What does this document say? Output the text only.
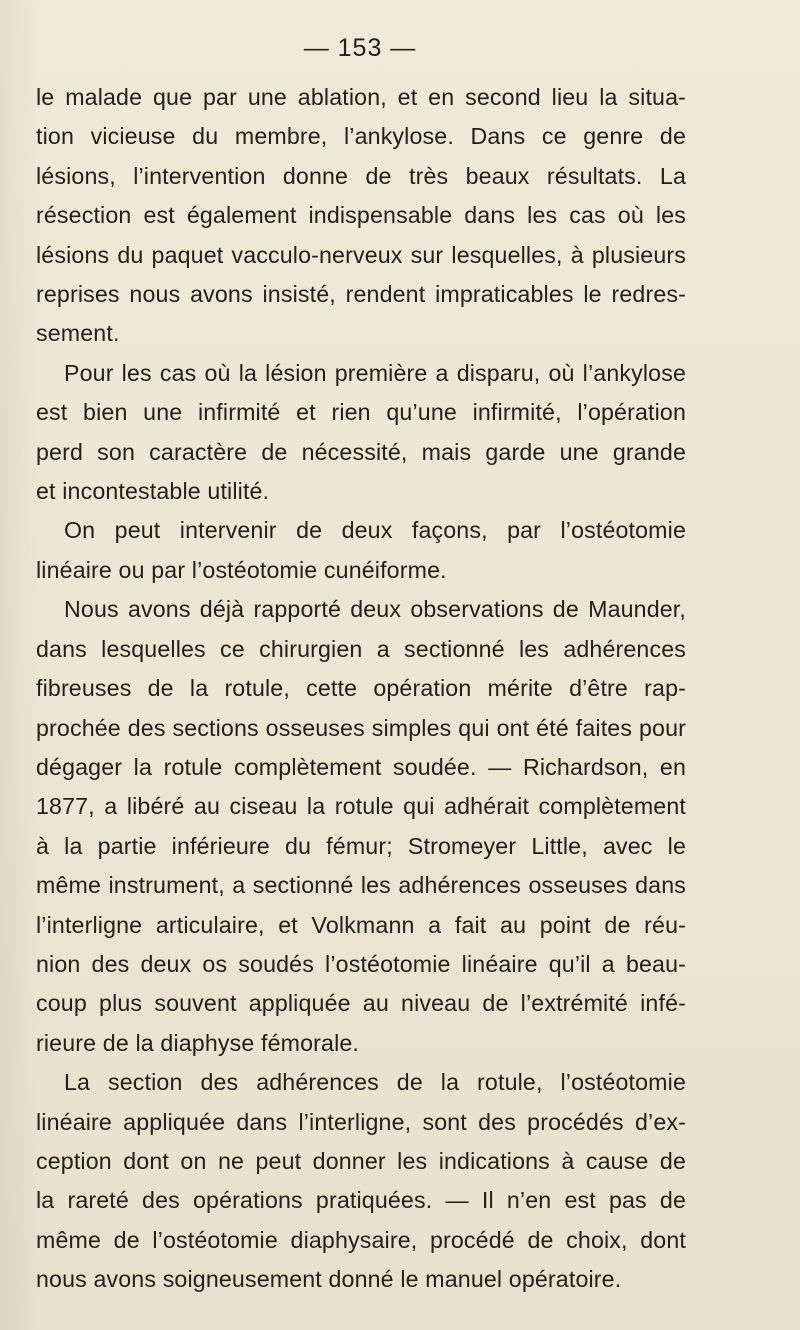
— 153 —
le malade que par une ablation, et en second lieu la situa-
tion vicieuse du membre, l’ankylose. Dans ce genre de
lésions, l’intervention donne de très beaux résultats. La
résection est également indispensable dans les cas où les
lésions du paquet vacculo-nerveux sur lesquelles, à plusieurs
reprises nous avons insisté, rendent impraticables le redres-
sement.
Pour les cas où la lésion première a disparu, où l’ankylose
est bien une infirmité et rien qu’une infirmité, l’opération
perd son caractère de nécessité, mais garde une grande
et incontestable utilité.
On peut intervenir de deux façons, par l’ostéotomie
linéaire ou par l’ostéotomie cunéiforme.
Nous avons déjà rapporté deux observations de Maunder,
dans lesquelles ce chirurgien a sectionné les adhérences
fibreuses de la rotule, cette opération mérite d’être rap-
prochée des sections osseuses simples qui ont été faites pour
dégager la rotule complètement soudée. — Richardson, en
1877, a libéré au ciseau la rotule qui adhérait complètement
à la partie inférieure du fémur; Stromeyer Little, avec le
même instrument, a sectionné les adhérences osseuses dans
l’interligne articulaire, et Volkmann a fait au point de réu-
nion des deux os soudés l’ostéotomie linéaire qu’il a beau-
coup plus souvent appliquée au niveau de l’extrémité infé-
rieure de la diaphyse fémorale.
La section des adhérences de la rotule, l’ostéotomie
linéaire appliquée dans l’interligne, sont des procédés d’ex-
ception dont on ne peut donner les indications à cause de
la rareté des opérations pratiquées. — Il n’en est pas de
même de l’ostéotomie diaphysaire, procédé de choix, dont
nous avons soigneusement donné le manuel opératoire.
